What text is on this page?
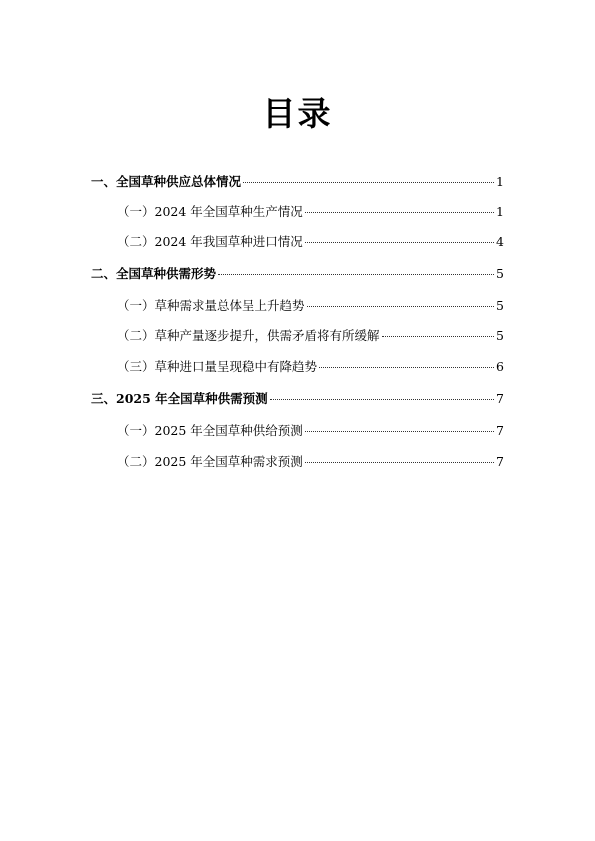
目录
一、全国草种供应总体情况	1
（一）2024 年全国草种生产情况	1
（二）2024 年我国草种进口情况	4
二、全国草种供需形势	5
（一）草种需求量总体呈上升趋势	5
（二）草种产量逐步提升，供需矛盾将有所缓解	5
（三）草种进口量呈现稳中有降趋势	6
三、2025 年全国草种供需预测	7
（一）2025 年全国草种供给预测	7
（二）2025 年全国草种需求预测	7
